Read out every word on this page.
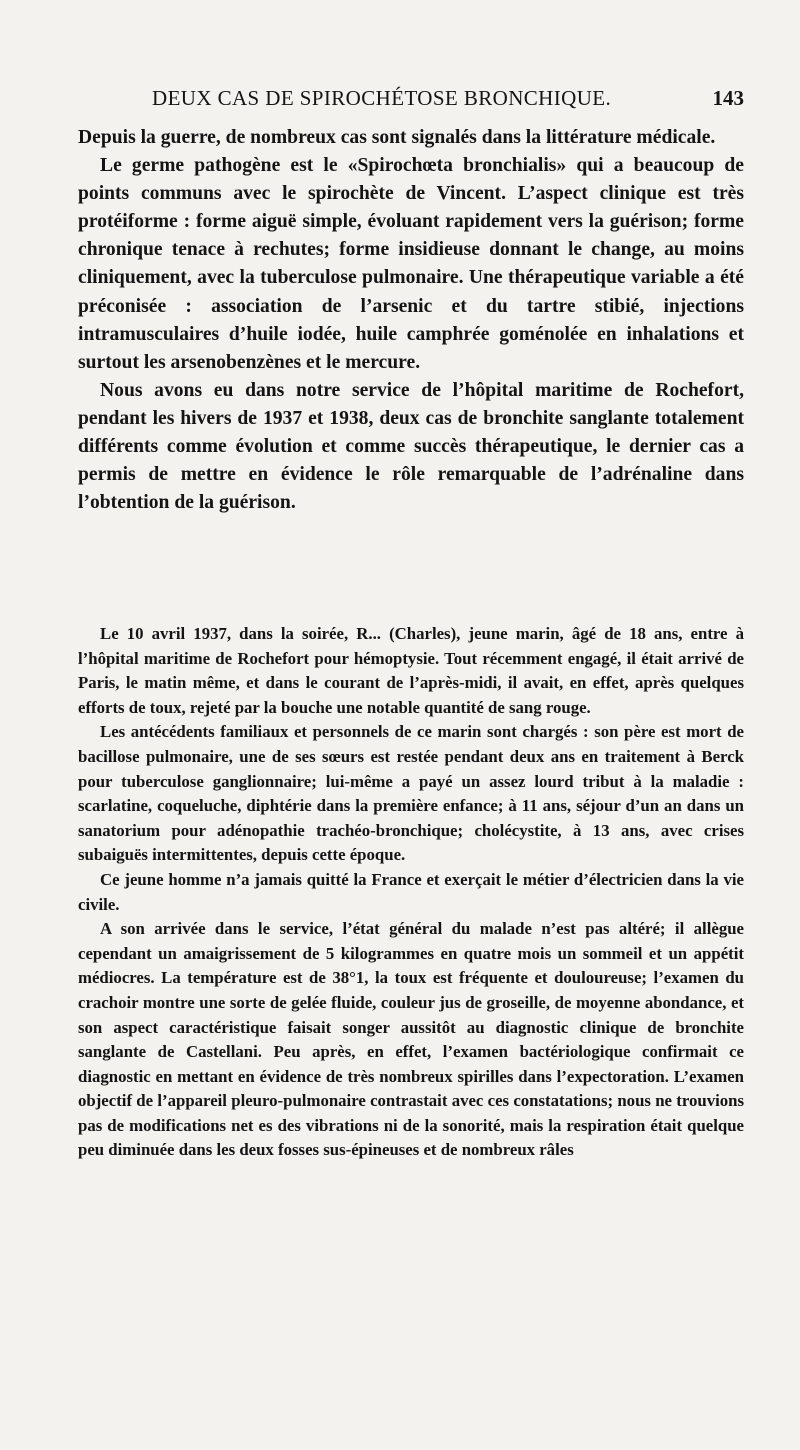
DEUX CAS DE SPIROCHÉTOSE BRONCHIQUE.	143

Depuis la guerre, de nombreux cas sont signalés dans la littérature médicale.

Le germe pathogène est le «Spirochœta bronchialis» qui a beaucoup de points communs avec le spirochète de Vincent. L’aspect clinique est très protéiforme : forme aiguë simple, évoluant rapidement vers la guérison; forme chronique tenace à rechutes; forme insidieuse donnant le change, au moins cliniquement, avec la tuberculose pulmonaire. Une thérapeutique variable a été préconisée : association de l’arsenic et du tartre stibié, injections intramusculaires d’huile iodée, huile camphrée goménolée en inhalations et surtout les arsenobenzènes et le mercure.

Nous avons eu dans notre service de l’hôpital maritime de Rochefort, pendant les hivers de 1937 et 1938, deux cas de bronchite sanglante totalement différents comme évolution et comme succès thérapeutique, le dernier cas a permis de mettre en évidence le rôle remarquable de l’adrénaline dans l’obtention de la guérison.

Le 10 avril 1937, dans la soirée, R... (Charles), jeune marin, âgé de 18 ans, entre à l’hôpital maritime de Rochefort pour hémoptysie. Tout récemment engagé, il était arrivé de Paris, le matin même, et dans le courant de l’après-midi, il avait, en effet, après quelques efforts de toux, rejeté par la bouche une notable quantité de sang rouge.

Les antécédents familiaux et personnels de ce marin sont chargés : son père est mort de bacillose pulmonaire, une de ses sœurs est restée pendant deux ans en traitement à Berck pour tuberculose ganglionnaire; lui-même a payé un assez lourd tribut à la maladie : scarlatine, coqueluche, diphtérie dans la première enfance; à 11 ans, séjour d’un an dans un sanatorium pour adénopathie trachéo-bronchique; cholécystite, à 13 ans, avec crises subaiguës intermittentes, depuis cette époque.

Ce jeune homme n’a jamais quitté la France et exerçait le métier d’électricien dans la vie civile.

A son arrivée dans le service, l’état général du malade n’est pas altéré; il allègue cependant un amaigrissement de 5 kilogrammes en quatre mois un sommeil et un appétit médiocres. La température est de 38°1, la toux est fréquente et douloureuse; l’examen du crachoir montre une sorte de gelée fluide, couleur jus de groseille, de moyenne abondance, et son aspect caractéristique faisait songer aussitôt au diagnostic clinique de bronchite sanglante de Castellani. Peu après, en effet, l’examen bactériologique confirmait ce diagnostic en mettant en évidence de très nombreux spirilles dans l’expectoration. L’examen objectif de l’appareil pleuro-pulmonaire contrastait avec ces constatations; nous ne trouvions pas de modifications net es des vibrations ni de la sonorité, mais la respiration était quelque peu diminuée dans les deux fosses sus-épineuses et de nombreux râles
